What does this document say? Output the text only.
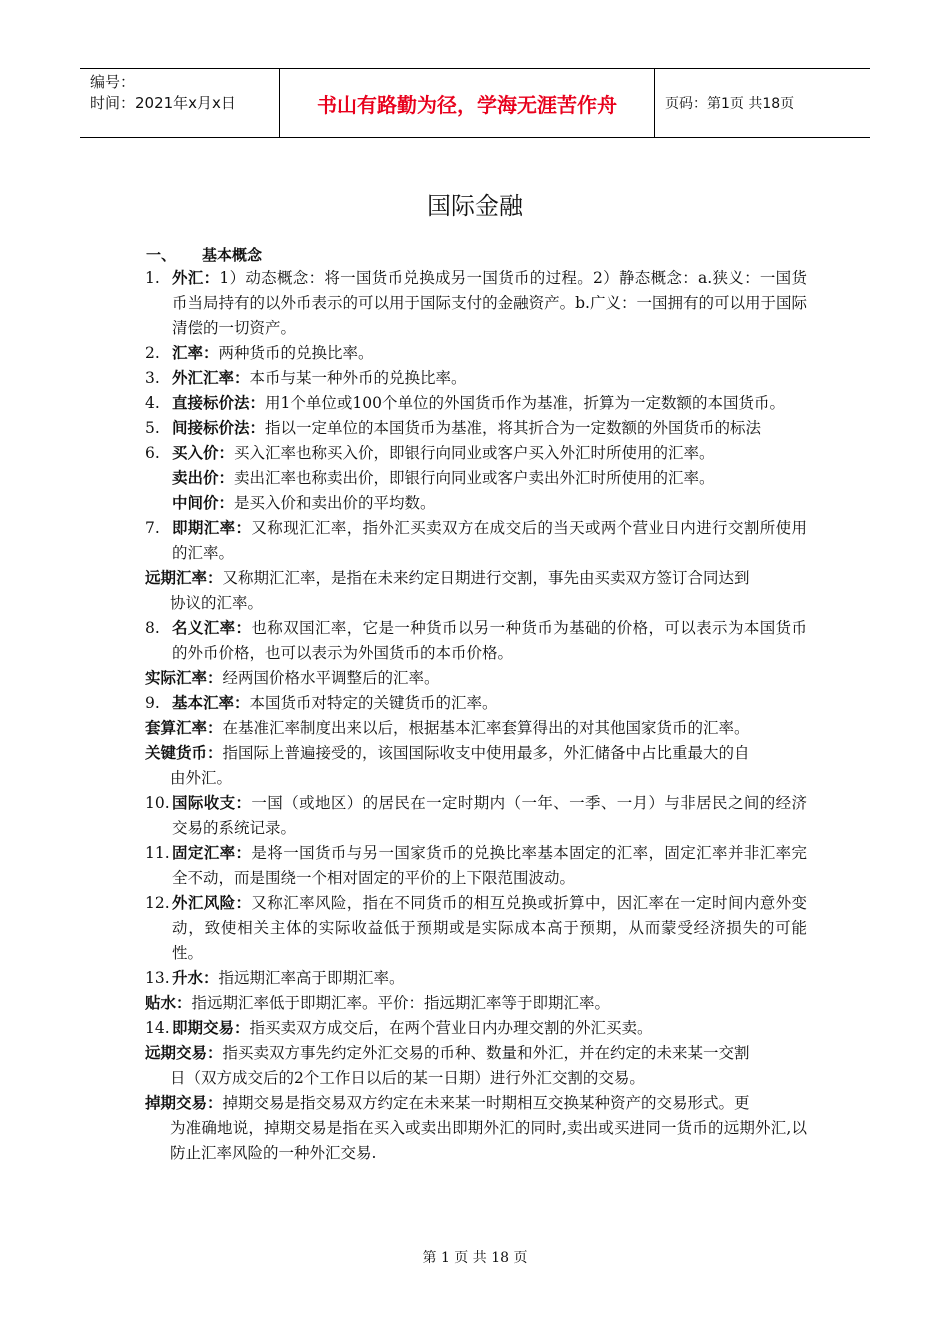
编号：
时间：2021年x月x日	书山有路勤为径，学海无涯苦作舟	页码：第1页 共18页
国际金融
一、 基本概念
1. 外汇：1）动态概念：将一国货币兑换成另一国货币的过程。2）静态概念：a.狭义：一国货币当局持有的以外币表示的可以用于国际支付的金融资产。b.广义：一国拥有的可以用于国际清偿的一切资产。
2. 汇率：两种货币的兑换比率。
3. 外汇汇率：本币与某一种外币的兑换比率。
4. 直接标价法：用1个单位或100个单位的外国货币作为基准，折算为一定数额的本国货币。
5. 间接标价法：指以一定单位的本国货币为基准，将其折合为一定数额的外国货币的标法
6. 买入价：买入汇率也称买入价，即银行向同业或客户买入外汇时所使用的汇率。
卖出价：卖出汇率也称卖出价，即银行向同业或客户卖出外汇时所使用的汇率。
中间价：是买入价和卖出价的平均数。
7. 即期汇率：又称现汇汇率，指外汇买卖双方在成交后的当天或两个营业日内进行交割所使用的汇率。
远期汇率：又称期汇汇率，是指在未来约定日期进行交割，事先由买卖双方签订合同达到
协议的汇率。
8. 名义汇率：也称双国汇率，它是一种货币以另一种货币为基础的价格，可以表示为本国货币的外币价格，也可以表示为外国货币的本币价格。
实际汇率：经两国价格水平调整后的汇率。
9. 基本汇率：本国货币对特定的关键货币的汇率。
套算汇率：在基准汇率制度出来以后，根据基本汇率套算得出的对其他国家货币的汇率。
关键货币：指国际上普遍接受的，该国国际收支中使用最多，外汇储备中占比重最大的自
由外汇。
10. 国际收支：一国（或地区）的居民在一定时期内（一年、一季、一月）与非居民之间的经济交易的系统记录。
11. 固定汇率：是将一国货币与另一国家货币的兑换比率基本固定的汇率，固定汇率并非汇率完全不动，而是围绕一个相对固定的平价的上下限范围波动。
12. 外汇风险：又称汇率风险，指在不同货币的相互兑换或折算中，因汇率在一定时间内意外变动，致使相关主体的实际收益低于预期或是实际成本高于预期，从而蒙受经济损失的可能性。
13. 升水：指远期汇率高于即期汇率。
贴水：指远期汇率低于即期汇率。平价：指远期汇率等于即期汇率。
14. 即期交易：指买卖双方成交后，在两个营业日内办理交割的外汇买卖。
远期交易：指买卖双方事先约定外汇交易的币种、数量和外汇，并在约定的未来某一交割
日（双方成交后的2个工作日以后的某一日期）进行外汇交割的交易。
掉期交易：掉期交易是指交易双方约定在未来某一时期相互交换某种资产的交易形式。更
为准确地说，掉期交易是指在买入或卖出即期外汇的同时,卖出或买进同一货币的远期外汇,以防止汇率风险的一种外汇交易.
第 1 页 共 18 页
